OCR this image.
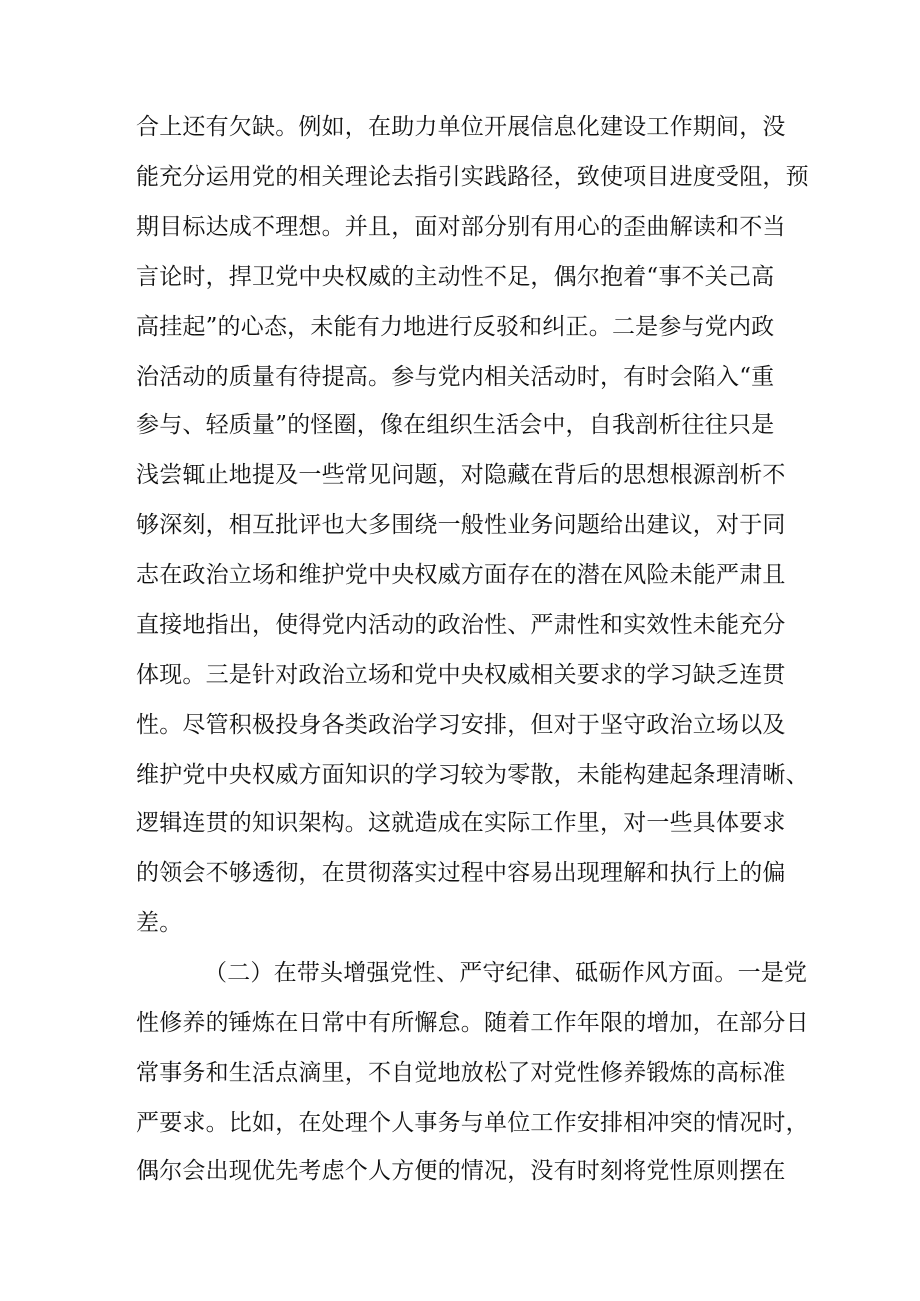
合上还有欠缺。例如，在助力单位开展信息化建设工作期间，没

能充分运用党的相关理论去指引实践路径，致使项目进度受阻，预

期目标达成不理想。并且，面对部分别有用心的歪曲解读和不当

言论时，捍卫党中央权威的主动性不足，偶尔抱着“事不关己高

高挂起”的心态，未能有力地进行反驳和纠正。二是参与党内政

治活动的质量有待提高。参与党内相关活动时，有时会陷入“重

参与、轻质量”的怪圈，像在组织生活会中，自我剖析往往只是

浅尝辄止地提及一些常见问题，对隐藏在背后的思想根源剖析不

够深刻，相互批评也大多围绕一般性业务问题给出建议，对于同

志在政治立场和维护党中央权威方面存在的潜在风险未能严肃且

直接地指出，使得党内活动的政治性、严肃性和实效性未能充分

体现。三是针对政治立场和党中央权威相关要求的学习缺乏连贯

性。尽管积极投身各类政治学习安排，但对于坚守政治立场以及

维护党中央权威方面知识的学习较为零散，未能构建起条理清晰、

逻辑连贯的知识架构。这就造成在实际工作里，对一些具体要求

的领会不够透彻，在贯彻落实过程中容易出现理解和执行上的偏

差。

（二）在带头增强党性、严守纪律、砥砺作风方面。一是党

性修养的锤炼在日常中有所懈怠。随着工作年限的增加，在部分日

常事务和生活点滴里，不自觉地放松了对党性修养锻炼的高标准

严要求。比如，在处理个人事务与单位工作安排相冲突的情况时，

偶尔会出现优先考虑个人方便的情况，没有时刻将党性原则摆在
